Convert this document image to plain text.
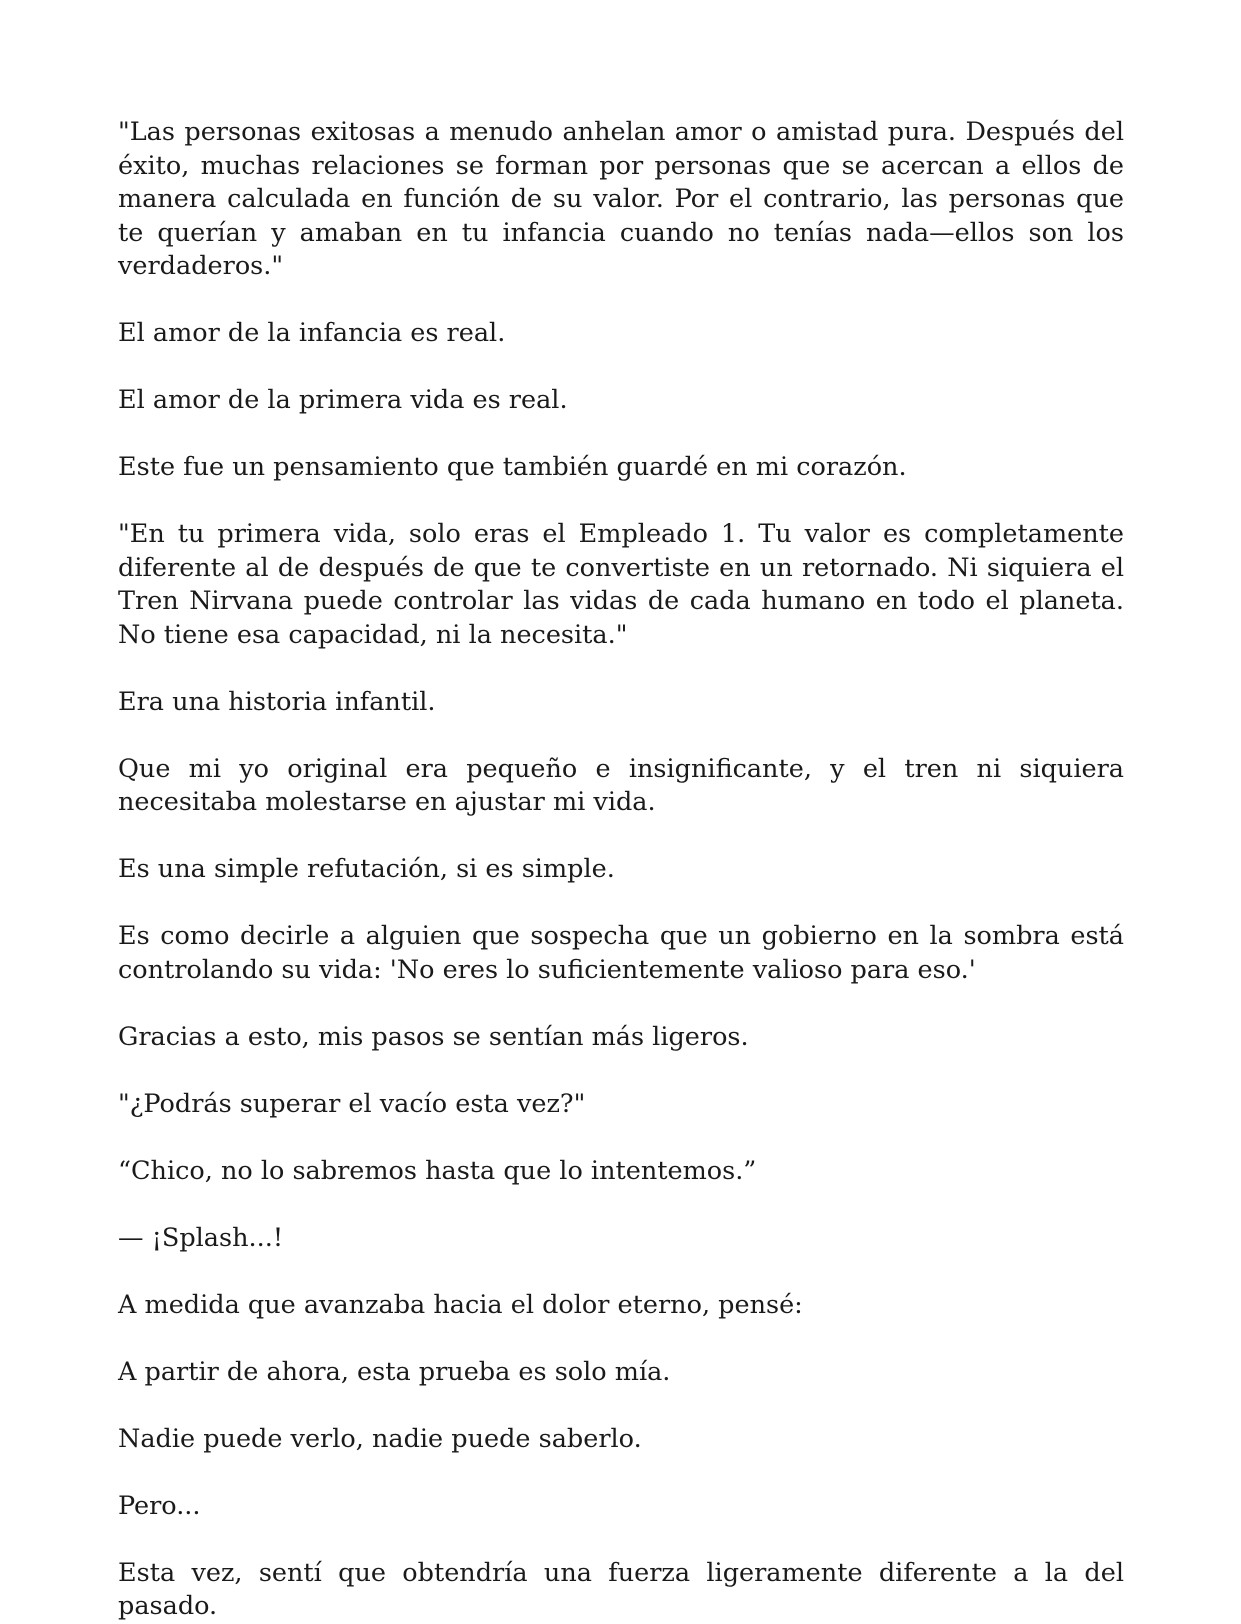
"Las personas exitosas a menudo anhelan amor o amistad pura. Después del éxito, muchas relaciones se forman por personas que se acercan a ellos de manera calculada en función de su valor. Por el contrario, las personas que te querían y amaban en tu infancia cuando no tenías nada—ellos son los verdaderos."

El amor de la infancia es real.

El amor de la primera vida es real.

Este fue un pensamiento que también guardé en mi corazón.

"En tu primera vida, solo eras el Empleado 1. Tu valor es completamente diferente al de después de que te convertiste en un retornado. Ni siquiera el Tren Nirvana puede controlar las vidas de cada humano en todo el planeta. No tiene esa capacidad, ni la necesita."

Era una historia infantil.

Que mi yo original era pequeño e insignificante, y el tren ni siquiera necesitaba molestarse en ajustar mi vida.

Es una simple refutación, si es simple.

Es como decirle a alguien que sospecha que un gobierno en la sombra está controlando su vida: 'No eres lo suficientemente valioso para eso.'

Gracias a esto, mis pasos se sentían más ligeros.

"¿Podrás superar el vacío esta vez?"

“Chico, no lo sabremos hasta que lo intentemos.”

— ¡Splash...!

A medida que avanzaba hacia el dolor eterno, pensé:

A partir de ahora, esta prueba es solo mía.

Nadie puede verlo, nadie puede saberlo.

Pero...

Esta vez, sentí que obtendría una fuerza ligeramente diferente a la del pasado.
